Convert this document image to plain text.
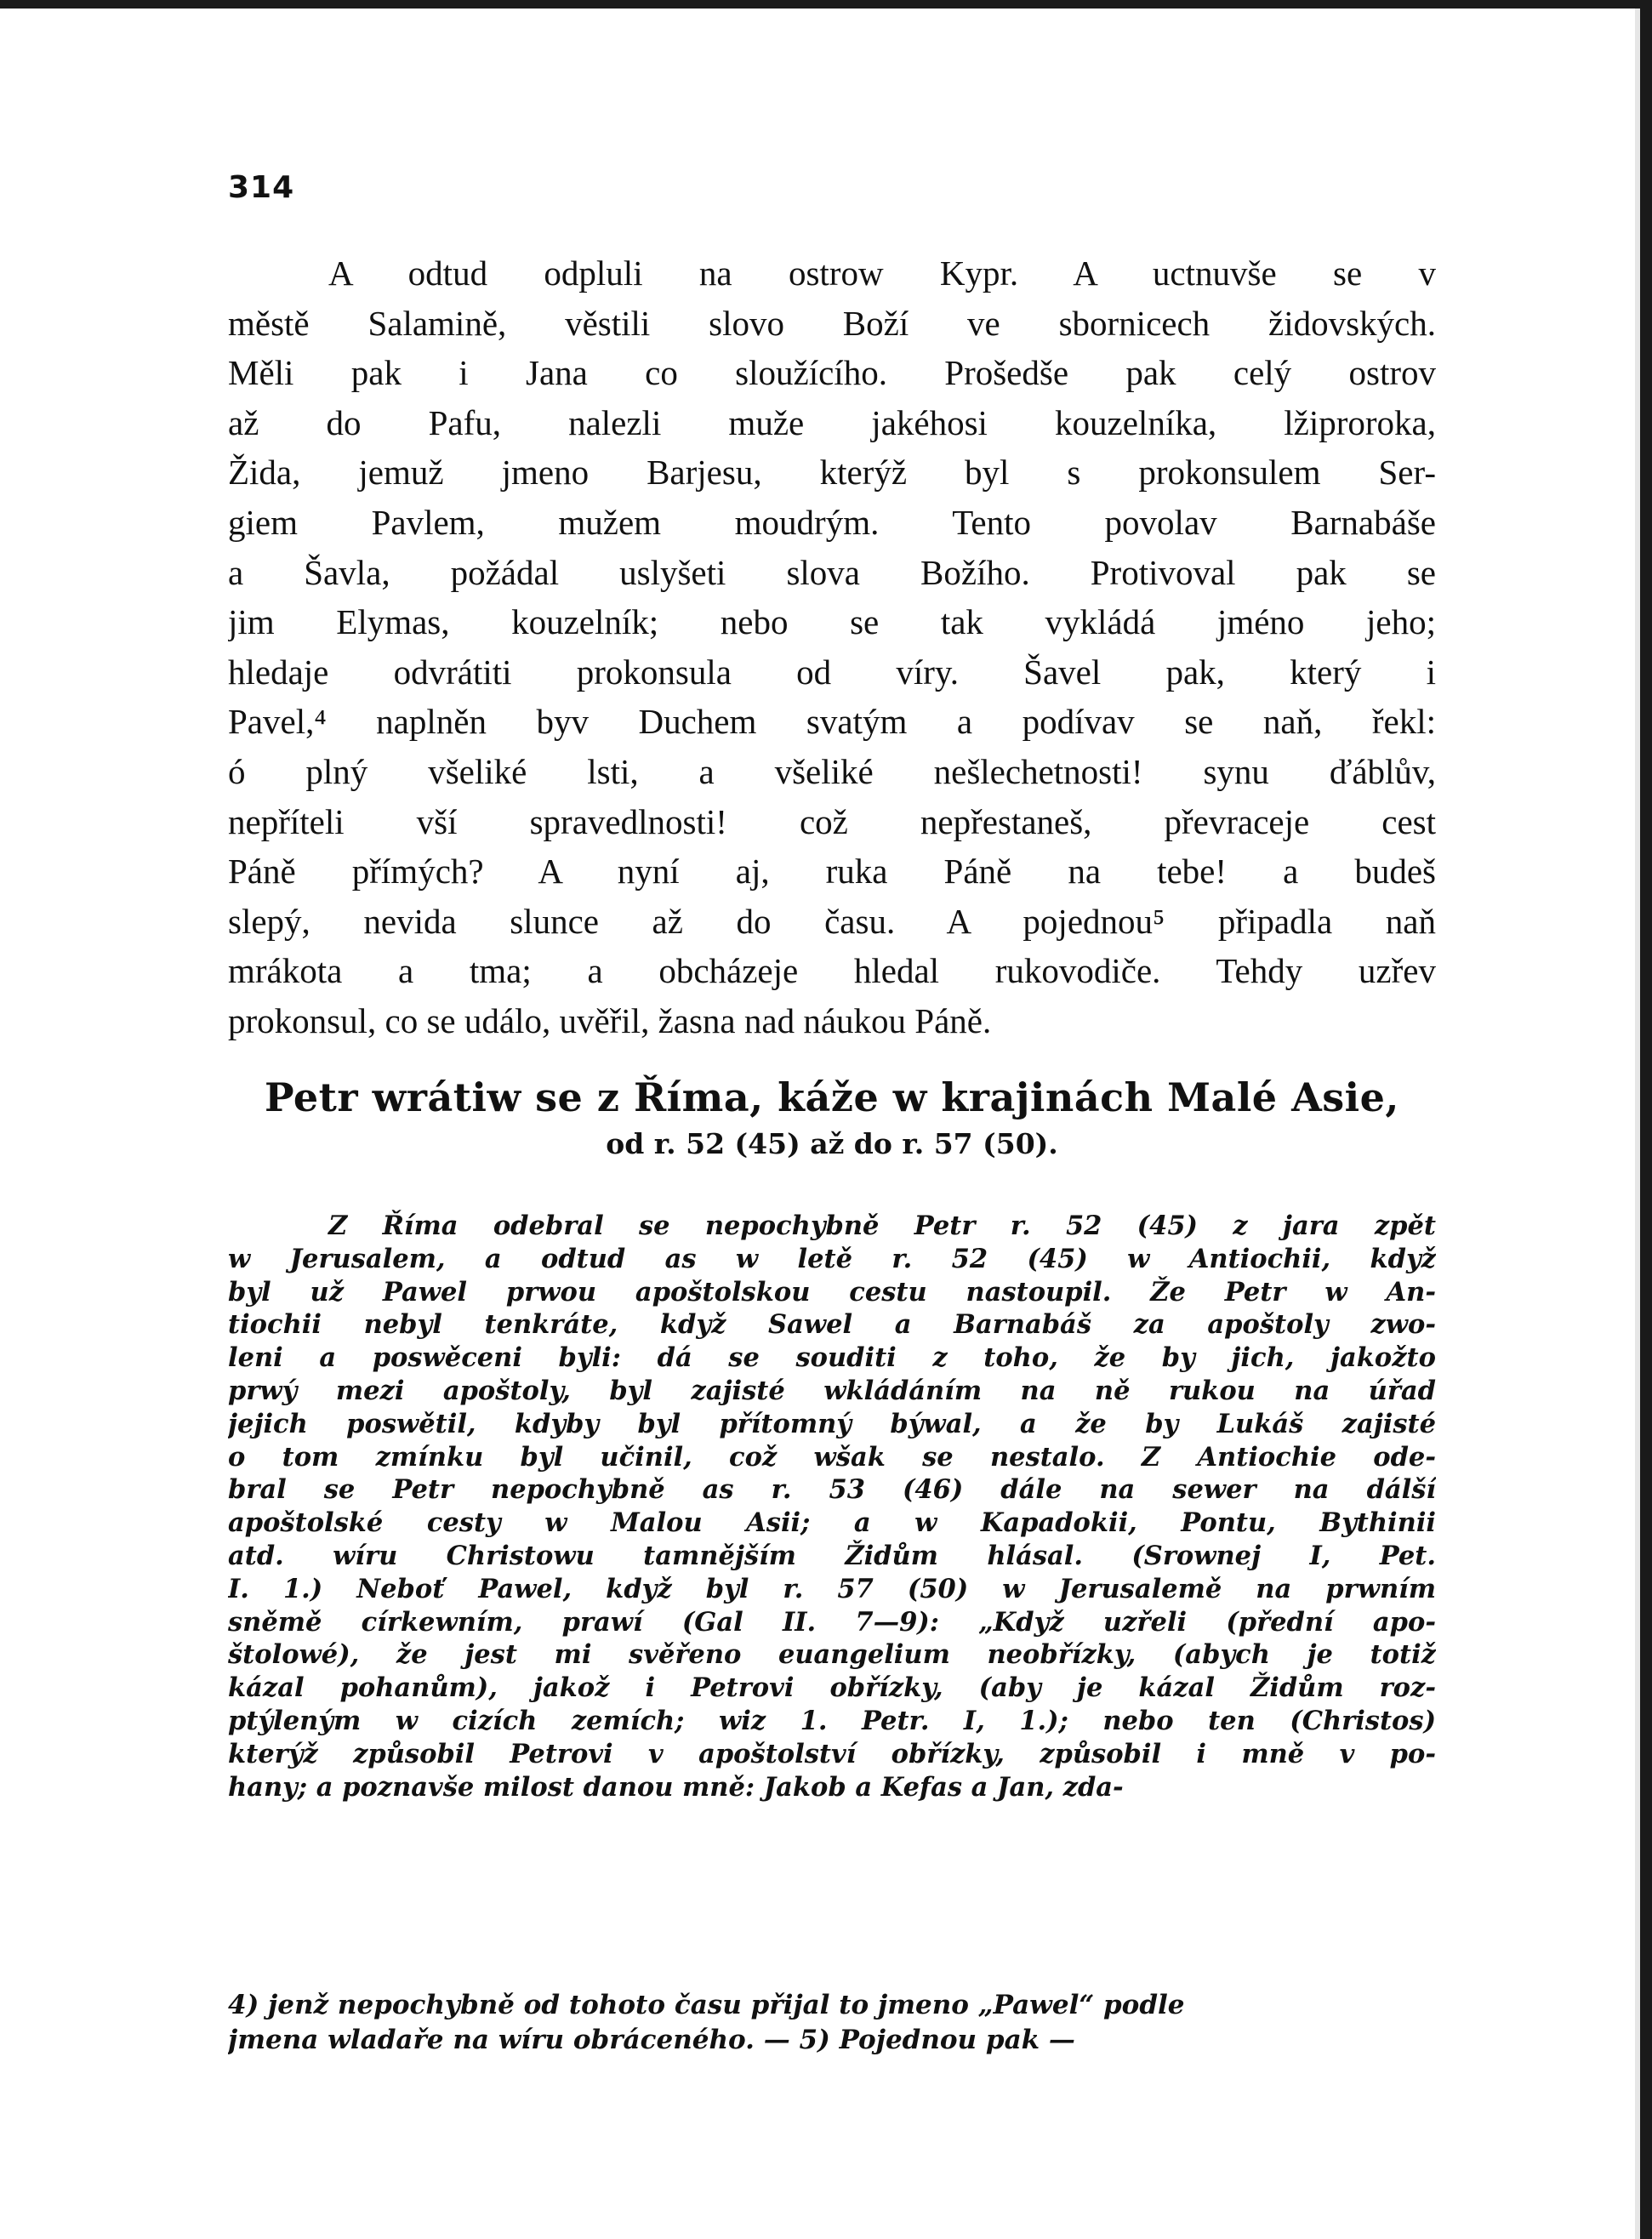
314
A odtud odpluli na ostrow Kypr. A uctnuvše se v
městě Salamině, věstili slovo Boží ve sbornicech židovských.
Měli pak i Jana co sloužícího. Prošedše pak celý ostrov
až do Pafu, nalezli muže jakéhosi kouzelníka, lžiproroka,
Žida, jemuž jmeno Barjesu, kterýž byl s prokonsulem Ser-
giem Pavlem, mužem moudrým. Tento povolav Barnabáše
a Šavla, požádal uslyšeti slova Božího. Protivoval pak se
jim Elymas, kouzelník; nebo se tak vykládá jméno jeho;
hledaje odvrátiti prokonsula od víry. Šavel pak, který i
Pavel,⁴ naplněn byv Duchem svatým a podívav se naň, řekl:
ó plný všeliké lsti, a všeliké nešlechetnosti! synu ďáblův,
nepříteli vší spravedlnosti! což nepřestaneš, převraceje cest
Páně přímých? A nyní aj, ruka Páně na tebe! a budeš
slepý, nevida slunce až do času. A pojednou⁵ připadla naň
mrákota a tma; a obcházeje hledal rukovodiče. Tehdy uzřev
prokonsul, co se událo, uvěřil, žasna nad náukou Páně.
Petr wrátiw se z Říma, káže w krajinách Malé Asie,
od r. 52 (45) až do r. 57 (50).
Z Říma odebral se nepochybně Petr r. 52 (45) z jara zpět
w Jerusalem, a odtud as w letě r. 52 (45) w Antiochii, když
byl už Pawel prwou apoštolskou cestu nastoupil. Že Petr w An-
tiochii nebyl tenkráte, když Sawel a Barnabáš za apoštoly zwo-
leni a poswěceni byli: dá se souditi z toho, že by jich, jakožto
prwý mezi apoštoly, byl zajisté wkládáním na ně rukou na úřad
jejich poswětil, kdyby byl přítomný býwal, a že by Lukáš zajisté
o tom zmínku byl učinil, což wšak se nestalo. Z Antiochie ode-
bral se Petr nepochybně as r. 53 (46) dále na sewer na dálší
apoštolské cesty w Malou Asii; a w Kapadokii, Pontu, Bythinii
atd. wíru Christowu tamnějším Židům hlásal. (Srownej I, Pet.
I. 1.) Neboť Pawel, když byl r. 57 (50) w Jerusalemě na prwním
sněmě církewním, prawí (Gal II. 7—9): „Když uzřeli (přední apo-
štolowé), že jest mi svěřeno euangelium neobřízky, (abych je totiž
kázal pohanům), jakož i Petrovi obřízky, (aby je kázal Židům roz-
ptýleným w cizích zemích; wiz 1. Petr. I, 1.); nebo ten (Christos)
kterýž způsobil Petrovi v apoštolství obřízky, způsobil i mně v po-
hany; a poznavše milost danou mně: Jakob a Kefas a Jan, zda-
4) jenž nepochybně od tohoto času přijal to jmeno „Pawel“ podle
jmena wladaře na wíru obráceného. — 5) Pojednou pak —
